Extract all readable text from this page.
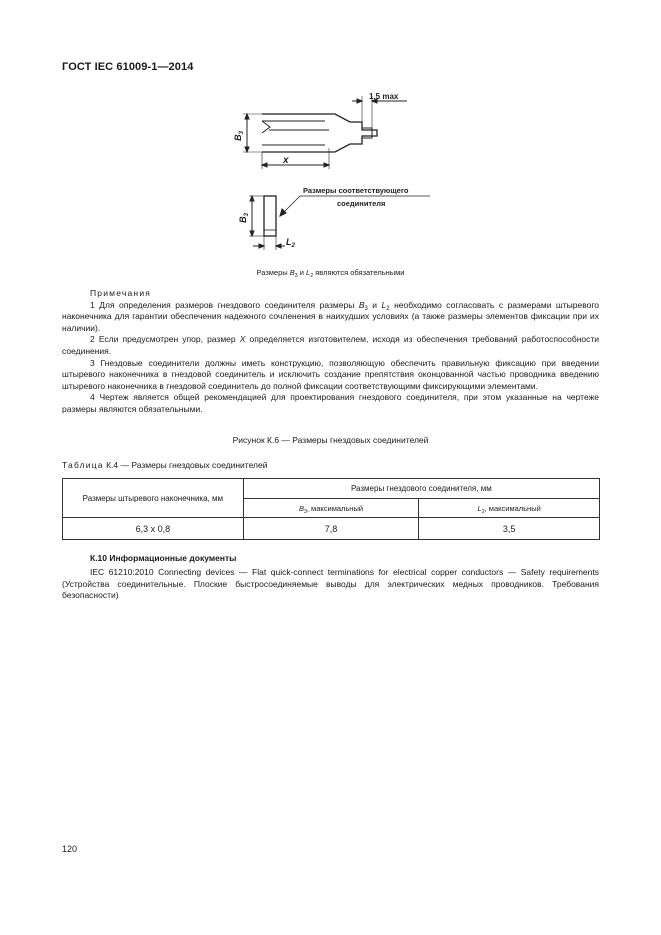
ГОСТ IEC 61009-1—2014
$B_3$
x
1,5 max
$B_3$
$L_2$
Размеры соответствующего
соединителя
Размеры $B_3$ и $L_2$ являются обязательными
Примечания

1 Для определения размеров гнездового соединителя размеры $B_3$ и $L_2$ необходимо согласовать с размерами штыревого наконечника для гарантии обеспечения надежного сочленения в наихудших условиях (а также размеры элементов фиксации при их наличии).

2 Если предусмотрен упор, размер X определяется изготовителем, исходя из обеспечения требований работоспособности соединения.

3 Гнездовые соединители должны иметь конструкцию, позволяющую обеспечить правильную фиксацию при введении штыревого наконечника в гнездовой соединитель и исключить создание препятствия оконцованной частью проводника введению штыревого наконечника в гнездовой соединитель до полной фиксации соответствующими фиксирующими элементами.

4 Чертеж является общей рекомендацией для проектирования гнездового соединителя, при этом указанные на чертеже размеры являются обязательными.

Рисунок К.6 — Размеры гнездовых соединителей
Таблица К.4 — Размеры гнездовых соединителей
Размеры штыревого наконечника, мм	Размеры гнездового соединителя, мм	
	$B_3$, максимальный	$L_2$, максимальный
6,3 x 0,8	7,8	3,5
К.10 Информационные документы

IEC 61210:2010 Connecting devices — Flat quick-connect terminations for electrical copper conductors — Safety requirements (Устройства соединительные. Плоские быстросоединяемые выводы для электрических медных проводников. Требования безопасности)

120
